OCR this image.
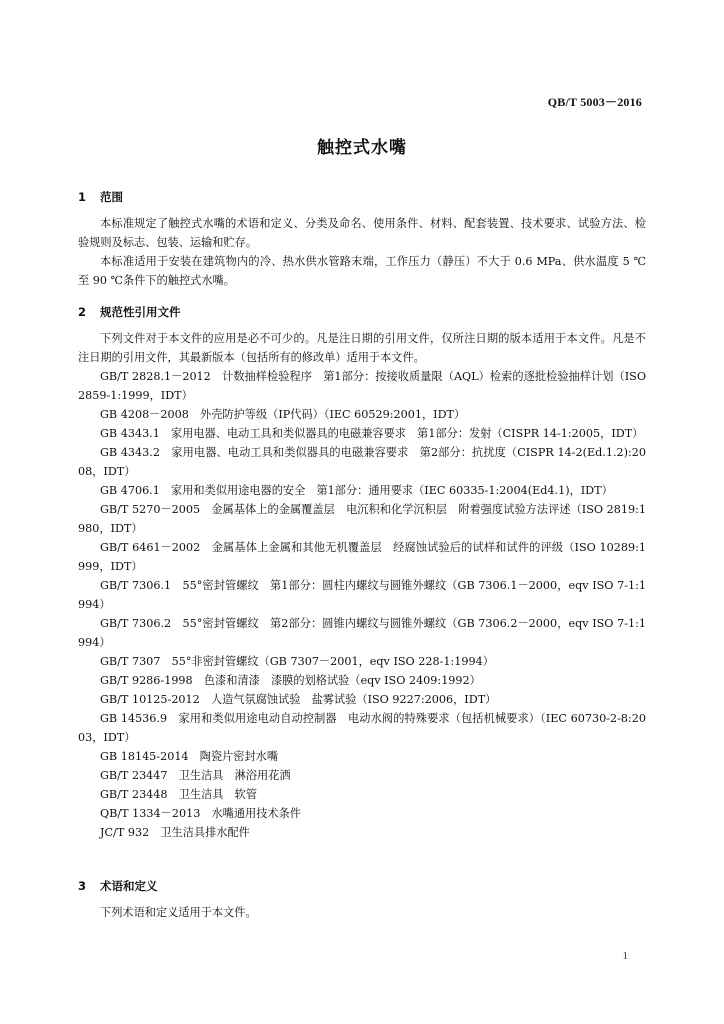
QB/T 5003－2016
触控式水嘴
1 范围

本标准规定了触控式水嘴的术语和定义、分类及命名、使用条件、材料、配套装置、技术要求、试验方法、检验规则及标志、包装、运输和贮存。

本标准适用于安装在建筑物内的冷、热水供水管路末端，工作压力（静压）不大于 0.6 MPa、供水温度 5 ℃至 90 ℃条件下的触控式水嘴。

2 规范性引用文件

下列文件对于本文件的应用是必不可少的。凡是注日期的引用文件，仅所注日期的版本适用于本文件。凡是不注日期的引用文件，其最新版本（包括所有的修改单）适用于本文件。

GB/T 2828.1－2012　计数抽样检验程序　第1部分：按接收质量限（AQL）检索的逐批检验抽样计划（ISO 2859-1:1999，IDT）

GB 4208－2008　外壳防护等级（IP代码）（IEC 60529:2001，IDT）

GB 4343.1　家用电器、电动工具和类似器具的电磁兼容要求　第1部分：发射（CISPR 14-1:2005，IDT）

GB 4343.2　家用电器、电动工具和类似器具的电磁兼容要求　第2部分：抗扰度（CISPR 14-2(Ed.1.2):2008，IDT）

GB 4706.1　家用和类似用途电器的安全　第1部分：通用要求（IEC 60335-1:2004(Ed4.1)，IDT）

GB/T 5270－2005　金属基体上的金属覆盖层　电沉积和化学沉积层　附着强度试验方法评述（ISO 2819:1980，IDT）

GB/T 6461－2002　金属基体上金属和其他无机覆盖层　经腐蚀试验后的试样和试件的评级（ISO 10289:1999，IDT）

GB/T 7306.1　55°密封管螺纹　第1部分：圆柱内螺纹与圆锥外螺纹（GB 7306.1－2000，eqv ISO 7-1:1994）

GB/T 7306.2　55°密封管螺纹　第2部分：圆锥内螺纹与圆锥外螺纹（GB 7306.2－2000，eqv ISO 7-1:1994）

GB/T 7307　55°非密封管螺纹（GB 7307－2001，eqv ISO 228-1:1994）

GB/T 9286-1998　色漆和清漆　漆膜的划格试验（eqv ISO 2409:1992）

GB/T 10125-2012　人造气氛腐蚀试验　盐雾试验（ISO 9227:2006，IDT）

GB 14536.9　家用和类似用途电动自动控制器　电动水阀的特殊要求（包括机械要求）（IEC 60730-2-8:2003，IDT）

GB 18145-2014　陶瓷片密封水嘴

GB/T 23447　卫生洁具　淋浴用花洒

GB/T 23448　卫生洁具　软管

QB/T 1334－2013　水嘴通用技术条件

JC/T 932　卫生洁具排水配件

3 术语和定义

下列术语和定义适用于本文件。

1
